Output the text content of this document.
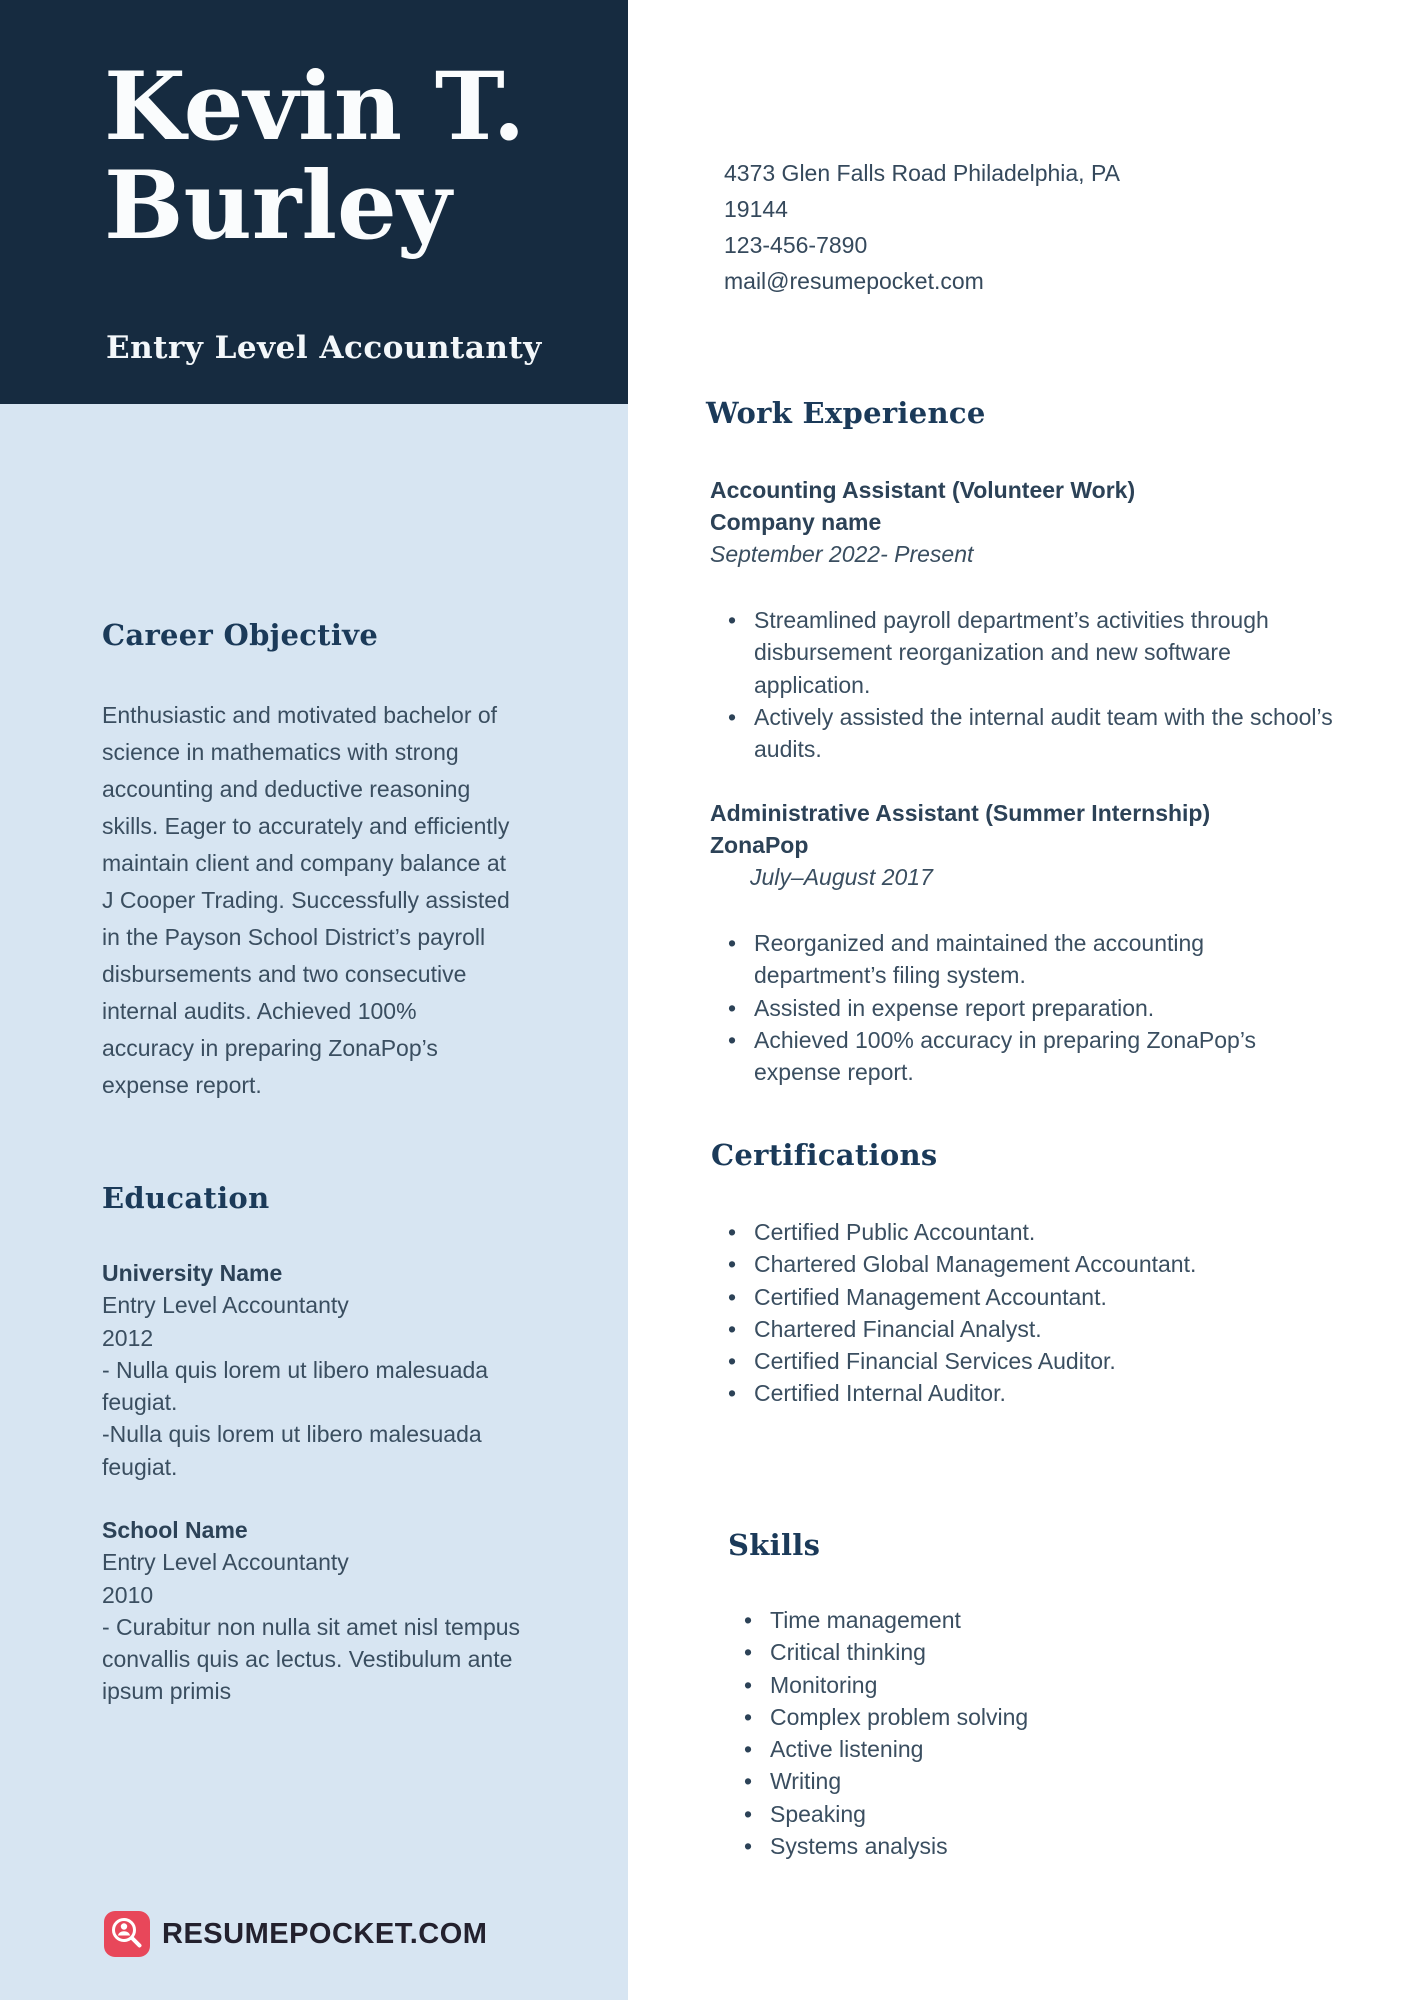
Kevin T.
Burley
Entry Level Accountanty
4373 Glen Falls Road Philadelphia, PA
19144
123-456-7890
mail@resumepocket.com
Career Objective

Enthusiastic and motivated bachelor of science in mathematics with strong accounting and deductive reasoning skills. Eager to accurately and efficiently maintain client and company balance at J Cooper Trading. Successfully assisted in the Payson School District’s payroll disbursements and two consecutive internal audits. Achieved 100% accuracy in preparing ZonaPop’s expense report.

Education
University Name
Entry Level Accountanty
2012
- Nulla quis lorem ut libero malesuada feugiat.
-Nulla quis lorem ut libero malesuada feugiat.
School Name
Entry Level Accountanty
2010
- Curabitur non nulla sit amet nisl tempus convallis quis ac lectus. Vestibulum ante ipsum primis
Work Experience
Accounting Assistant (Volunteer Work)
Company name
September 2022- Present
• Streamlined payroll department’s activities through disbursement reorganization and new software application.
• Actively assisted the internal audit team with the school’s audits.
Administrative Assistant (Summer Internship)
ZonaPop
July–August 2017
• Reorganized and maintained the accounting department’s filing system.
• Assisted in expense report preparation.
• Achieved 100% accuracy in preparing ZonaPop’s expense report.
Certifications
• Certified Public Accountant.
• Chartered Global Management Accountant.
• Certified Management Accountant.
• Chartered Financial Analyst.
• Certified Financial Services Auditor.
• Certified Internal Auditor.
Skills
• Time management
• Critical thinking
• Monitoring
• Complex problem solving
• Active listening
• Writing
• Speaking
• Systems analysis
RESUMEPOCKET.COM
